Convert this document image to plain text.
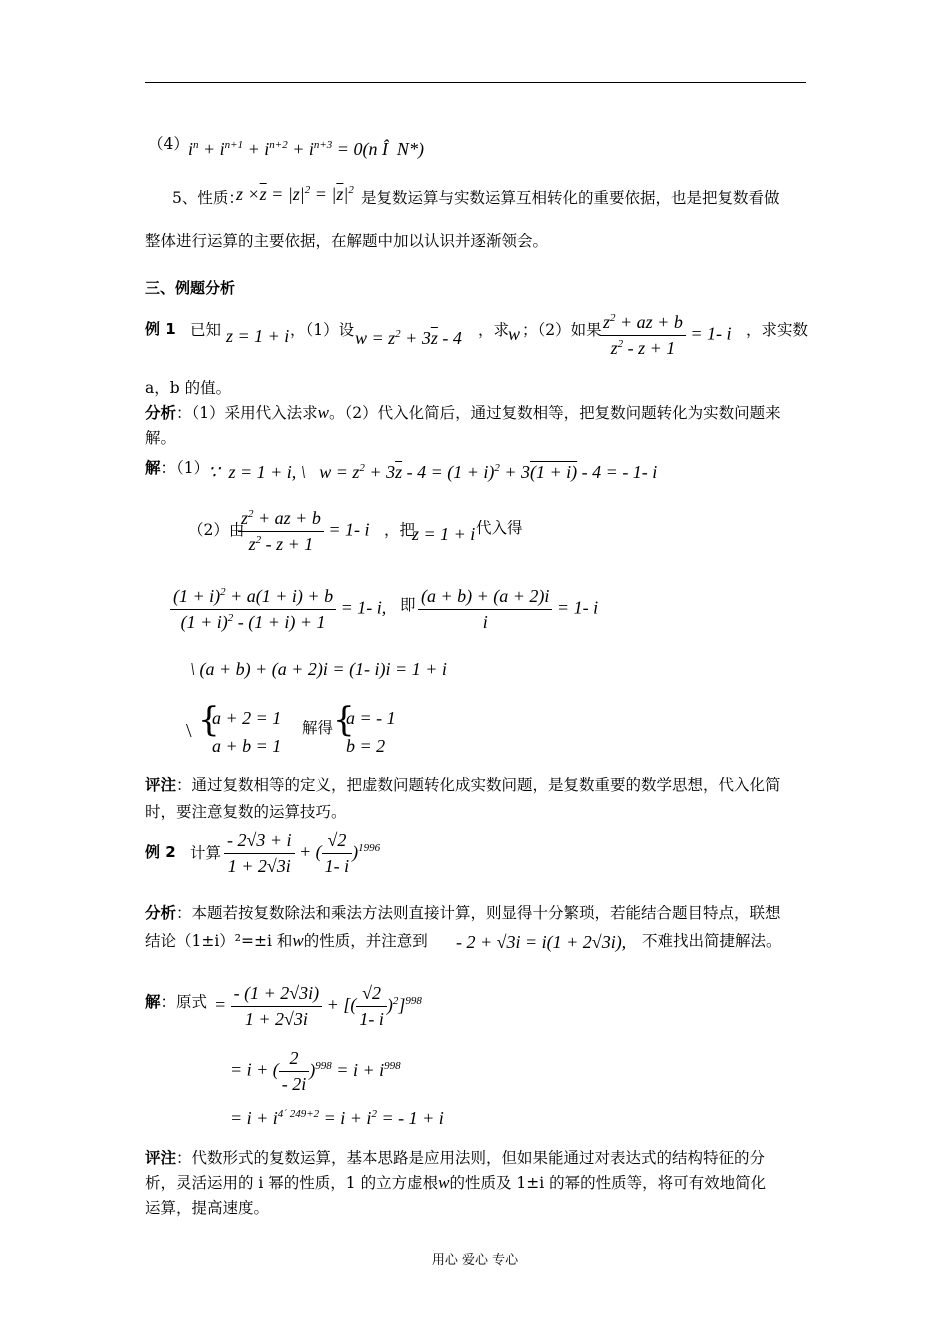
（4） $i^n + i^{n+1} + i^{n+2} + i^{n+3} = 0(n$ Î  N*)
5、性质：
$z \times\overline{z} = |z|^2 = |\overline{z}|^2$ 是复数运算与实数运算互相转化的重要依据，也是把复数看做
整体进行运算的主要依据，在解题中加以认识并逐渐领会。
三、例题分析
例 1 已知 z = 1 + i ，（1）设 $w = z^2 + 3\overline{z} - 4$ ，求
w ；（2）如果
$\frac{z^2 + az + b}{z^2 - z + 1} = 1-$ i ，求实数
a，b 的值。
分析：（1）采用代入法求w。（2）代入化简后，通过复数相等，把复数问题转化为实数问题来
解。
解：（1）
∵  z = 1 + i, \   $w = z^2 + 3\overline{z} - 4 = (1 + i)^2 + 3(1 + i) - 4$ = - 1- i
（2）由
$\frac{z^2 + az + b}{z^2 - z + 1} = 1-$ i ，把
z = 1 + i 代入得
$\frac{(1 + i)^2 + a(1 + i) + b}{(1 + i)^2 - (1 + i) + 1} = 1-$ i, 即 $\frac{(a + b) + (a + 2)i}{i} = 1-$ i
\ (a + b) + (a + 2)i = (1- i)i = 1 + i
\ {
a + 2 = 1
a + b = 1
解得 {
a = - 1
b = 2
评注：通过复数相等的定义，把虚数问题转化成实数问题，是复数重要的数学思想，代入化简
时，要注意复数的运算技巧。
例 2 计算 $\frac{- 2√3 + i}{1 + 2√3i}$ + ( $\frac{√2}{1- i} )^{1996}$
分析：本题若按复数除法和乘法方法则直接计算，则显得十分繁琐，若能结合题目特点，联想
结论（1±i）²=±i 和w的性质，并注意到 - 2 + √3i = i(1 + 2√3i), 不难找出简捷解法。
解：原式 = $\frac{- (1 + 2√3i)}{1 + 2√3i}$ + [( $\frac{√2}{1- i} )^2]^{998}$
= i + ( $\frac{2}{- 2i} )^{998} = i + i^{998}$
= $i + i^{4´ 249+2} = i + i^2$ = - 1 + i
评注：代数形式的复数运算，基本思路是应用法则，但如果能通过对表达式的结构特征的分
析，灵活运用的 i 幂的性质，1 的立方虚根w的性质及 1±i 的幂的性质等，将可有效地简化
运算，提高速度。
用心 爱心 专心
